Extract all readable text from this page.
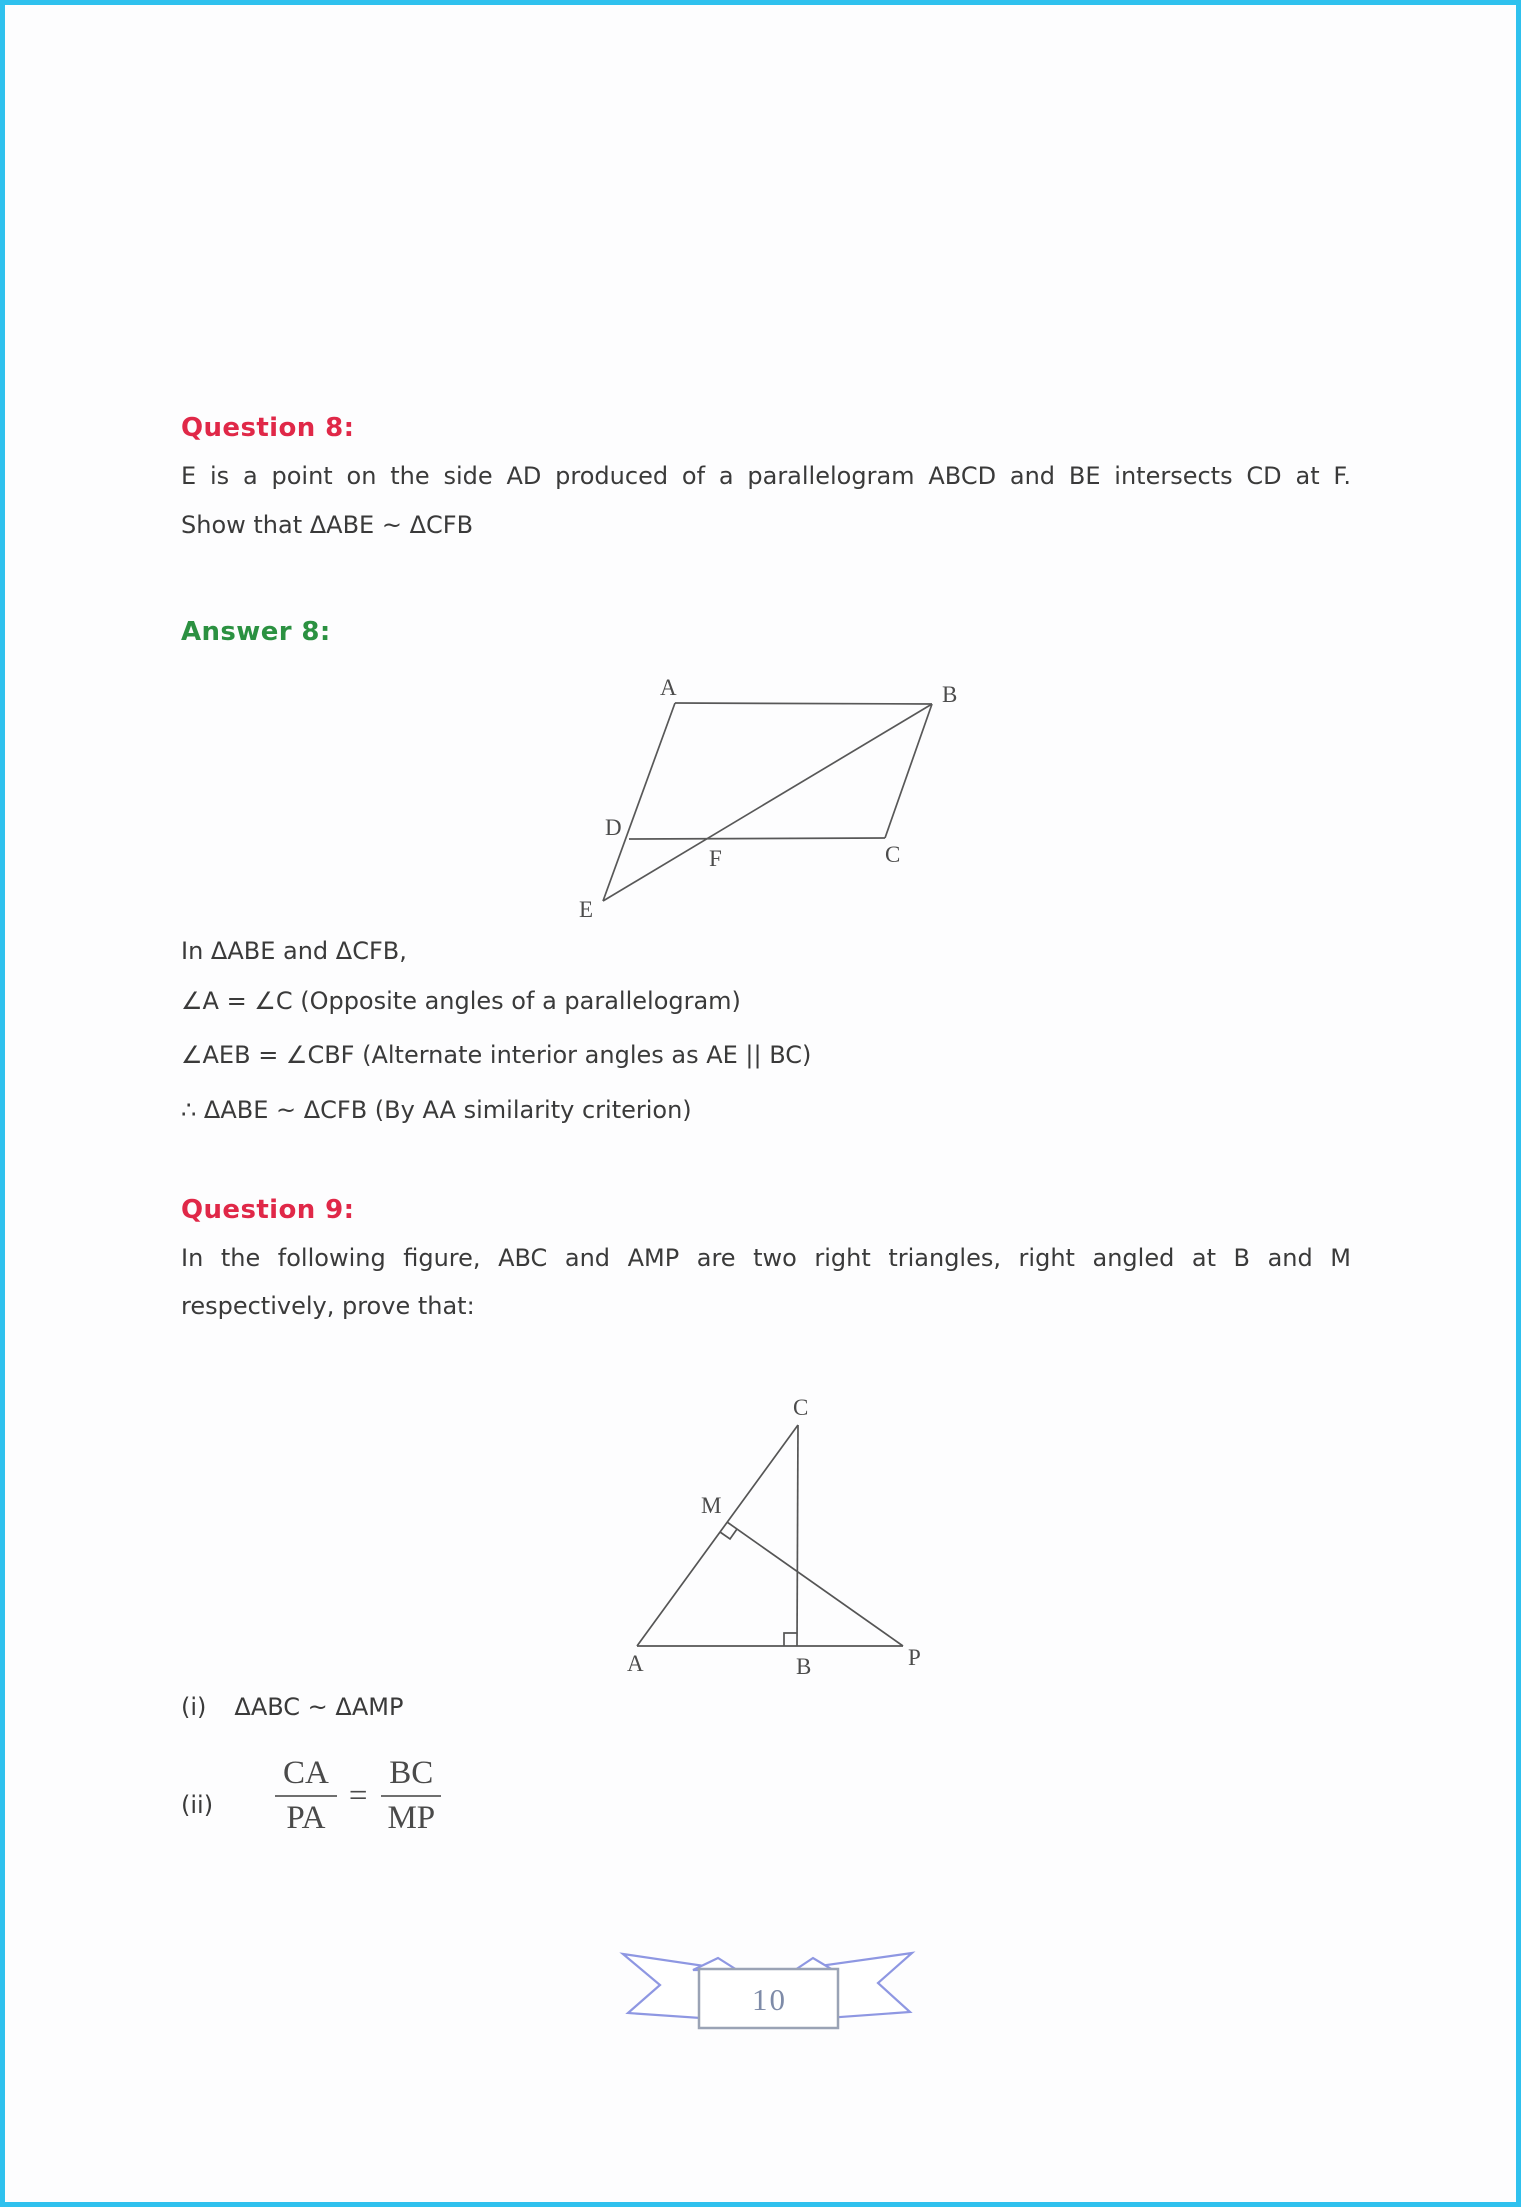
Question 8:
E is a point on the side AD produced of a parallelogram ABCD and BE intersects CD at F.
Show that ΔABE ~ ΔCFB
Answer 8:
A	B
D
C
E
F
In ΔABE and ΔCFB,
∠A = ∠C (Opposite angles of a parallelogram)
∠AEB = ∠CBF (Alternate interior angles as AE || BC)
∴ ΔABE ~ ΔCFB (By AA similarity criterion)
Question 9:
In the following figure, ABC and AMP are two right triangles, right angled at B and M
respectively, prove that:
C
M
A	B	P
(i) ΔABC ~ ΔAMP
$(ii) \frac{CA}{PA} = \frac{BC}{MP}$
10
